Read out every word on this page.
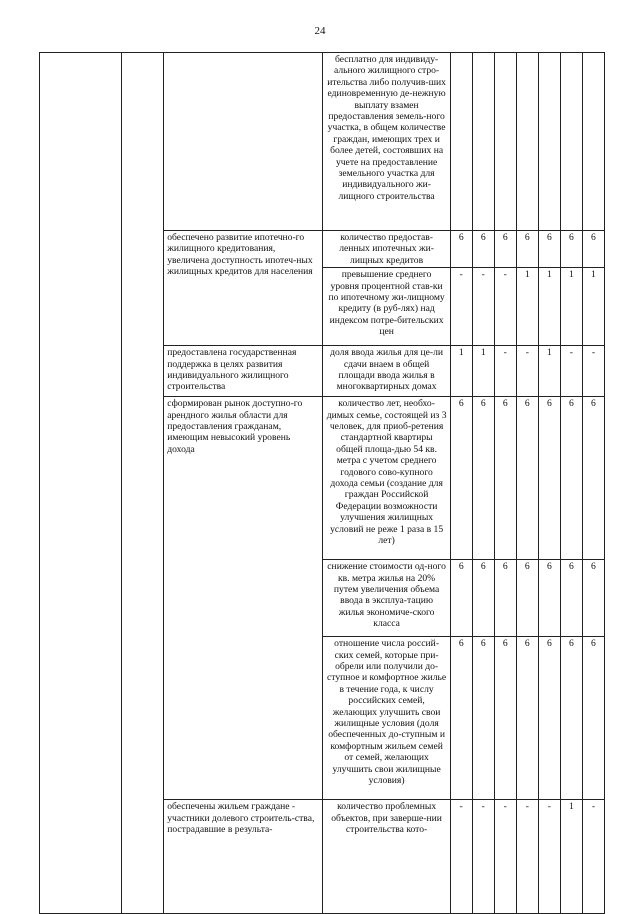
24
			бесплатно для индивиду-альноrо жилищного стро-ительства либо получив-ших единовременную де-нежную выплату взамен предоставления земель-ного участка, в общем количестве граждан, имеющих трех и более детей, состоявших на учете на предоставление земельного участка для индивидуального жи-лищного строительства							
		обеспечено развитие ипотечно-го жилищного кредитования, увеличена доступность ипотеч-ных жилищных кредитов для населения	количество предостав-ленных ипотечных жи-лищных кредитов	6	6	6	6	6	6	6
			превышение среднего уровня процентной став-ки по ипотечному жи-лищному кредиту (в руб-лях) над индексом потре-бительских цен	-	-	-	1	1	1	1
		предоставлена государственная поддержка в целях развития индивидуального жилищного строительства	доля ввода жилья для це-ли сдачи внаем в общей площади ввода жилья в многоквартирных домах	1	1	-	-	1	-	-
		сформирован рынок доступно-го арендного жилья области для предоставления гражданам, имеющим невысокий уровень дохода	количество лет, необхо-димых семье, состоящей из 3 человек, для приоб-ретения стандартной квартиры общей площа-дью 54 кв. метра с учетом среднего годового сово-купного дохода семьи (создание для граждан Российской Федерации возможности улучшения жилищных условий не реже 1 раза в 15 лет)	6	6	6	6	6	6	6
			снижение стоимости од-ного кв. метра жилья на 20% путем увеличения объема ввода в эксплуа-тацию жилья экономиче-ского класса	6	6	6	6	6	6	6
			отношение числа россий-ских семей, которые при-обрели или получили до-ступное и комфортное жилье в течение года, к числу российских семей, желающих улучшить свои жилищные условия (доля обеспеченных до-ступным и комфортным жильем семей от семей, желающих улучшить свои жилищные условия)	6	6	6	6	6	6	6
		обеспечены жильем граждане - участники долевого строитель-ства, пострадавшие в результа-	количество проблемных объектов, при заверше-нии строительства кото-	-	-	-	-	-	1	-
